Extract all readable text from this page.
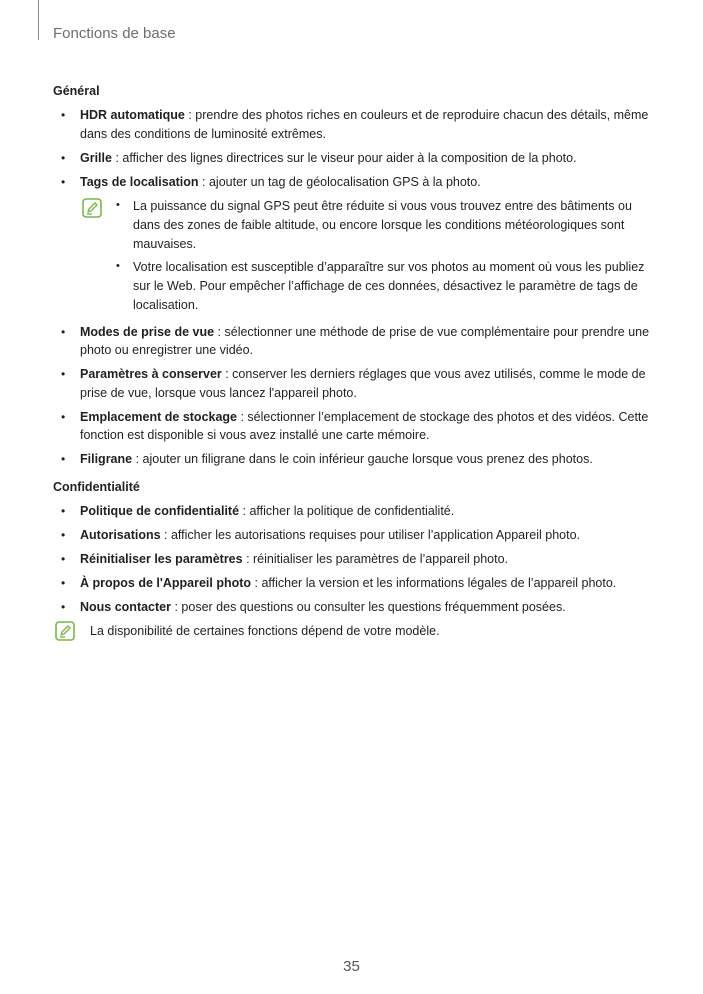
Fonctions de base
Général
• HDR automatique : prendre des photos riches en couleurs et de reproduire chacun des détails, même dans des conditions de luminosité extrêmes.
• Grille : afficher des lignes directrices sur le viseur pour aider à la composition de la photo.
• Tags de localisation : ajouter un tag de géolocalisation GPS à la photo.
• La puissance du signal GPS peut être réduite si vous vous trouvez entre des bâtiments ou dans des zones de faible altitude, ou encore lorsque les conditions météorologiques sont mauvaises.
• Votre localisation est susceptible d’apparaître sur vos photos au moment où vous les publiez sur le Web. Pour empêcher l’affichage de ces données, désactivez le paramètre de tags de localisation.
• Modes de prise de vue : sélectionner une méthode de prise de vue complémentaire pour prendre une photo ou enregistrer une vidéo.
• Paramètres à conserver : conserver les derniers réglages que vous avez utilisés, comme le mode de prise de vue, lorsque vous lancez l'appareil photo.
• Emplacement de stockage : sélectionner l’emplacement de stockage des photos et des vidéos. Cette fonction est disponible si vous avez installé une carte mémoire.
• Filigrane : ajouter un filigrane dans le coin inférieur gauche lorsque vous prenez des photos.
Confidentialité
• Politique de confidentialité : afficher la politique de confidentialité.
• Autorisations : afficher les autorisations requises pour utiliser l’application Appareil photo.
• Réinitialiser les paramètres : réinitialiser les paramètres de l’appareil photo.
• À propos de l'Appareil photo : afficher la version et les informations légales de l’appareil photo.
• Nous contacter : poser des questions ou consulter les questions fréquemment posées.
La disponibilité de certaines fonctions dépend de votre modèle.
35
